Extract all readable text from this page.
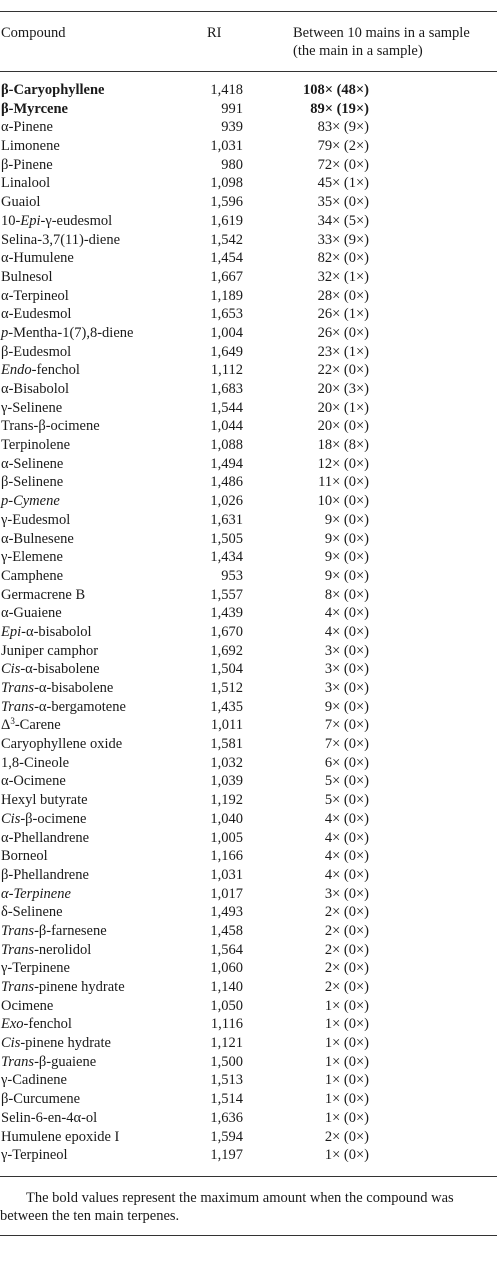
Compound	RI	Between 10 mains in a sample
(the main in a sample)
β-Caryophyllene	1,418	108× (48×)
β-Myrcene	991	89× (19×)
α-Pinene	939	83× (9×)
Limonene	1,031	79× (2×)
β-Pinene	980	72× (0×)
Linalool	1,098	45× (1×)
Guaiol	1,596	35× (0×)
10-Epi-γ-eudesmol	1,619	34× (5×)
Selina-3,7(11)-diene	1,542	33× (9×)
α-Humulene	1,454	82× (0×)
Bulnesol	1,667	32× (1×)
α-Terpineol	1,189	28× (0×)
α-Eudesmol	1,653	26× (1×)
p-Mentha-1(7),8-diene	1,004	26× (0×)
β-Eudesmol	1,649	23× (1×)
Endo-fenchol	1,112	22× (0×)
α-Bisabolol	1,683	20× (3×)
γ-Selinene	1,544	20× (1×)
Trans-β-ocimene	1,044	20× (0×)
Terpinolene	1,088	18× (8×)
α-Selinene	1,494	12× (0×)
β-Selinene	1,486	11× (0×)
p-Cymene	1,026	10× (0×)
γ-Eudesmol	1,631	9× (0×)
α-Bulnesene	1,505	9× (0×)
γ-Elemene	1,434	9× (0×)
Camphene	953	9× (0×)
Germacrene B	1,557	8× (0×)
α-Guaiene	1,439	4× (0×)
Epi-α-bisabolol	1,670	4× (0×)
Juniper camphor	1,692	3× (0×)
Cis-α-bisabolene	1,504	3× (0×)
Trans-α-bisabolene	1,512	3× (0×)
Trans-α-bergamotene	1,435	9× (0×)
$\Delta^3$-Carene	1,011	7× (0×)
Caryophyllene oxide	1,581	7× (0×)
1,8-Cineole	1,032	6× (0×)
α-Ocimene	1,039	5× (0×)
Hexyl butyrate	1,192	5× (0×)
Cis-β-ocimene	1,040	4× (0×)
α-Phellandrene	1,005	4× (0×)
Borneol	1,166	4× (0×)
β-Phellandrene	1,031	4× (0×)
α-Terpinene	1,017	3× (0×)
δ-Selinene	1,493	2× (0×)
Trans-β-farnesene	1,458	2× (0×)
Trans-nerolidol	1,564	2× (0×)
γ-Terpinene	1,060	2× (0×)
Trans-pinene hydrate	1,140	2× (0×)
Ocimene	1,050	1× (0×)
Exo-fenchol	1,116	1× (0×)
Cis-pinene hydrate	1,121	1× (0×)
Trans-β-guaiene	1,500	1× (0×)
γ-Cadinene	1,513	1× (0×)
β-Curcumene	1,514	1× (0×)
Selin-6-en-4α-ol	1,636	1× (0×)
Humulene epoxide I	1,594	2× (0×)
γ-Terpineol	1,197	1× (0×)
The bold values represent the maximum amount when the compound was between the ten main terpenes.
